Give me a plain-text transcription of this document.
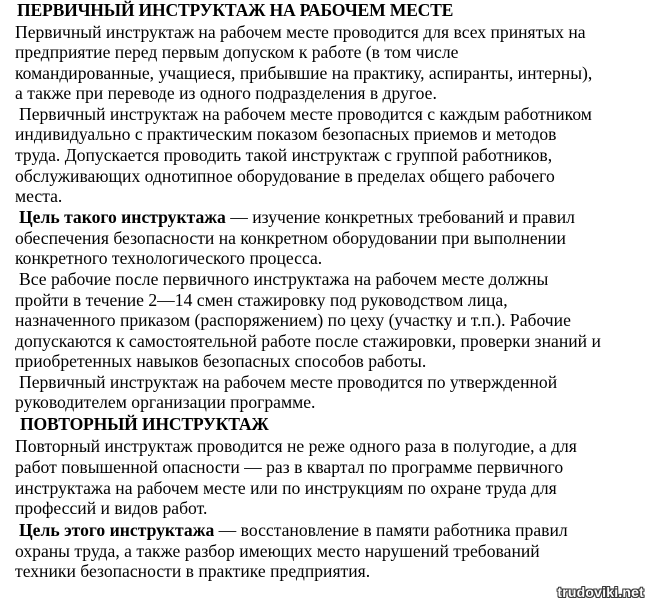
ПЕРВИЧНЫЙ ИНСТРУКТАЖ НА РАБОЧЕМ МЕСТЕ
Первичный инструктаж на рабочем месте проводится для всех принятых на
предприятие перед первым допуском к работе (в том числе
командированные, учащиеся, прибывшие на практику, аспиранты, интерны),
а также при переводе из одного подразделения в другое.
Первичный инструктаж на рабочем месте проводится с каждым работником
индивидуально с практическим показом безопасных приемов и методов
труда. Допускается проводить такой инструктаж с группой работников,
обслуживающих однотипное оборудование в пределах общего рабочего
места.
Цель такого инструктажа — изучение конкретных требований и правил
обеспечения безопасности на конкретном оборудовании при выполнении
конкретного технологического процесса.
Все рабочие после первичного инструктажа на рабочем месте должны
пройти в течение 2—14 смен стажировку под руководством лица,
назначенного приказом (распоряжением) по цеху (участку и т.п.). Рабочие
допускаются к самостоятельной работе после стажировки, проверки знаний и
приобретенных навыков безопасных способов работы.
Первичный инструктаж на рабочем месте проводится по утвержденной
руководителем организации программе.
ПОВТОРНЫЙ ИНСТРУКТАЖ
Повторный инструктаж проводится не реже одного раза в полугодие, а для
работ повышенной опасности — раз в квартал по программе первичного
инструктажа на рабочем месте или по инструкциям по охране труда для
профессий и видов работ.
Цель этого инструктажа — восстановление в памяти работника правил
охраны труда, а также разбор имеющих место нарушений требований
техники безопасности в практике предприятия.
trudoviki.net
